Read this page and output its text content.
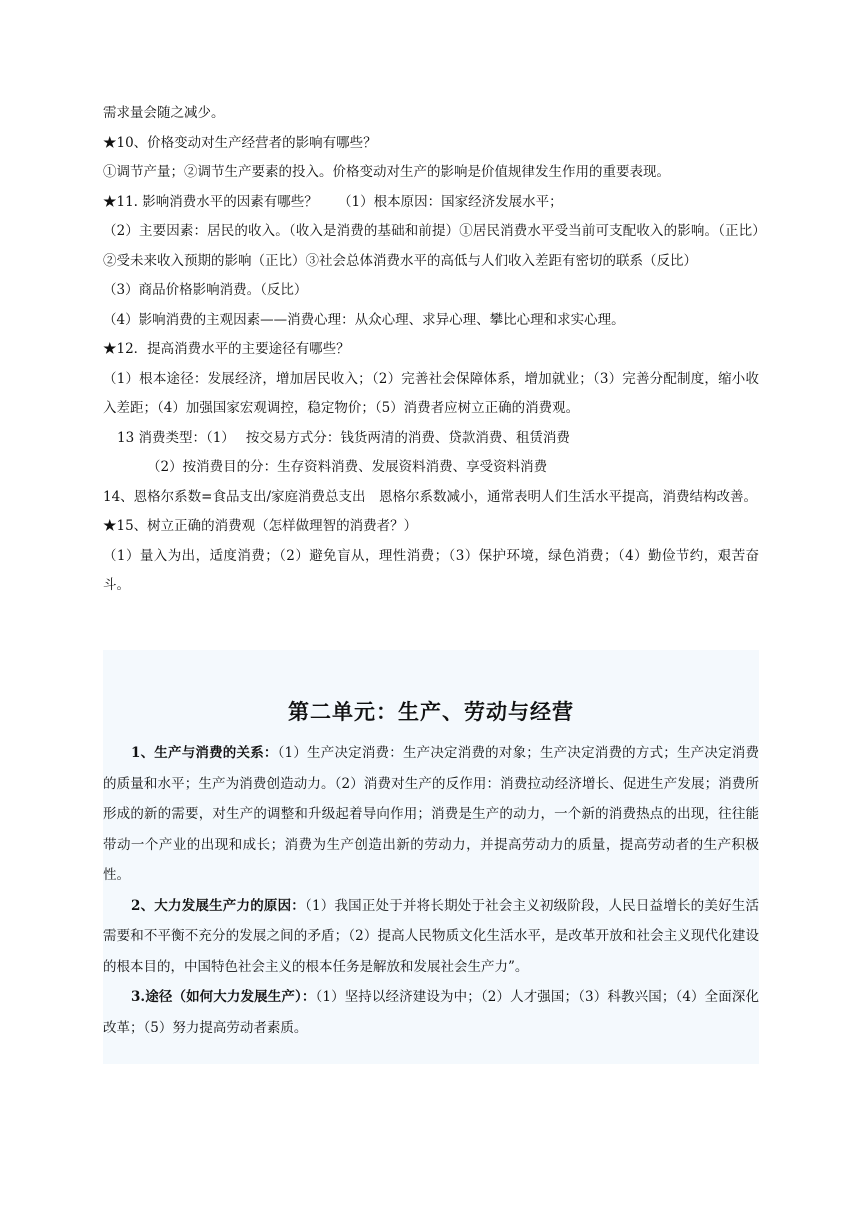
需求量会随之减少。

★10、价格变动对生产经营者的影响有哪些？

①调节产量；②调节生产要素的投入。价格变动对生产的影响是价值规律发生作用的重要表现。

★11. 影响消费水平的因素有哪些？　　（1）根本原因：国家经济发展水平；

（2）主要因素：居民的收入。（收入是消费的基础和前提）①居民消费水平受当前可支配收入的影响。（正比）②受未来收入预期的影响（正比）③社会总体消费水平的高低与人们收入差距有密切的联系（反比）

（3）商品价格影响消费。（反比）

（4）影响消费的主观因素——消费心理：从众心理、求异心理、攀比心理和求实心理。

★12．提高消费水平的主要途径有哪些？

（1）根本途径：发展经济，增加居民收入；（2）完善社会保障体系，增加就业；（3）完善分配制度，缩小收入差距；（4）加强国家宏观调控，稳定物价；（5）消费者应树立正确的消费观。

13 消费类型：（1）　 按交易方式分：钱货两清的消费、贷款消费、租赁消费

（2）按消费目的分：生存资料消费、发展资料消费、享受资料消费

14、恩格尔系数=食品支出/家庭消费总支出　恩格尔系数减小，通常表明人们生活水平提高，消费结构改善。

★15、树立正确的消费观（怎样做理智的消费者？）

（1）量入为出，适度消费；（2）避免盲从，理性消费；（3）保护环境，绿色消费；（4）勤俭节约，艰苦奋斗。

第二单元：生产、劳动与经营

1、生产与消费的关系：（1）生产决定消费：生产决定消费的对象；生产决定消费的方式；生产决定消费的质量和水平；生产为消费创造动力。（2）消费对生产的反作用：消费拉动经济增长、促进生产发展；消费所形成的新的需要，对生产的调整和升级起着导向作用；消费是生产的动力，一个新的消费热点的出现，往往能带动一个产业的出现和成长；消费为生产创造出新的劳动力，并提高劳动力的质量，提高劳动者的生产积极性。

2、大力发展生产力的原因：（1）我国正处于并将长期处于社会主义初级阶段，人民日益增长的美好生活需要和不平衡不充分的发展之间的矛盾；（2）提高人民物质文化生活水平，是改革开放和社会主义现代化建设的根本目的，中国特色社会主义的根本任务是解放和发展社会生产力”。

3.途径（如何大力发展生产）：（1）坚持以经济建设为中；（2）人才强国；（3）科教兴国；（4）全面深化改革；（5）努力提高劳动者素质。
